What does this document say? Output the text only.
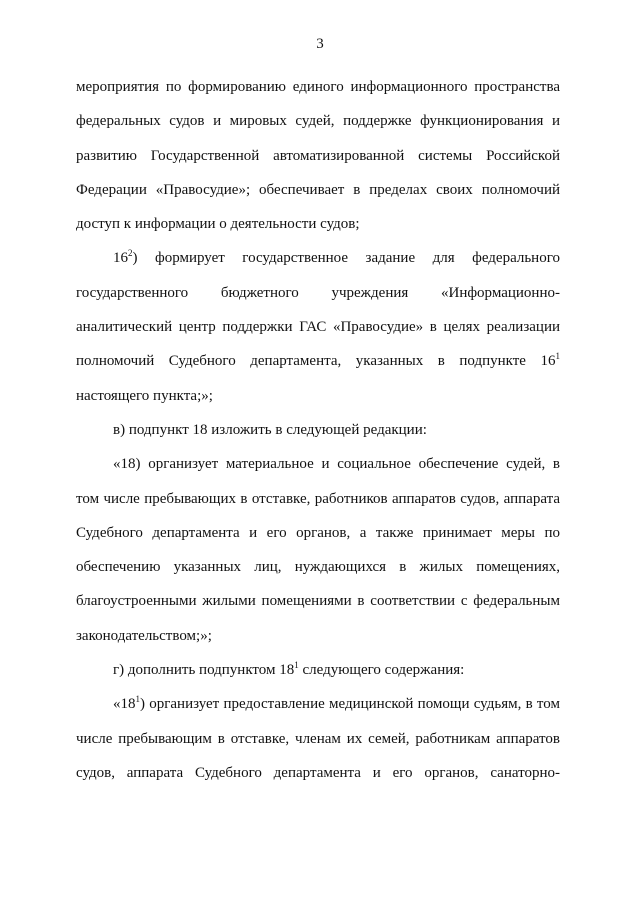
3
мероприятия по формированию единого информационного пространства
федеральных судов и мировых судей, поддержке функционирования и
развитию Государственной автоматизированной системы Российской
Федерации «Правосудие»; обеспечивает в пределах своих полномочий
доступ к информации о деятельности судов;
$16^2$) формирует государственное задание для федерального
государственного бюджетного учреждения «Информационно-
аналитический центр поддержки ГАС «Правосудие» в целях реализации
полномочий Судебного департамента, указанных в подпункте $16^1$
настоящего пункта;»;
в) подпункт 18 изложить в следующей редакции:
«18) организует материальное и социальное обеспечение судей, в
том числе пребывающих в отставке, работников аппаратов судов, аппарата
Судебного департамента и его органов, а также принимает меры по
обеспечению указанных лиц, нуждающихся в жилых помещениях,
благоустроенными жилыми помещениями в соответствии с федеральным
законодательством;»;
г) дополнить подпунктом $18^1$ следующего содержания:
«$18^1$) организует предоставление медицинской помощи судьям, в том
числе пребывающим в отставке, членам их семей, работникам аппаратов
судов, аппарата Судебного департамента и его органов, санаторно-
